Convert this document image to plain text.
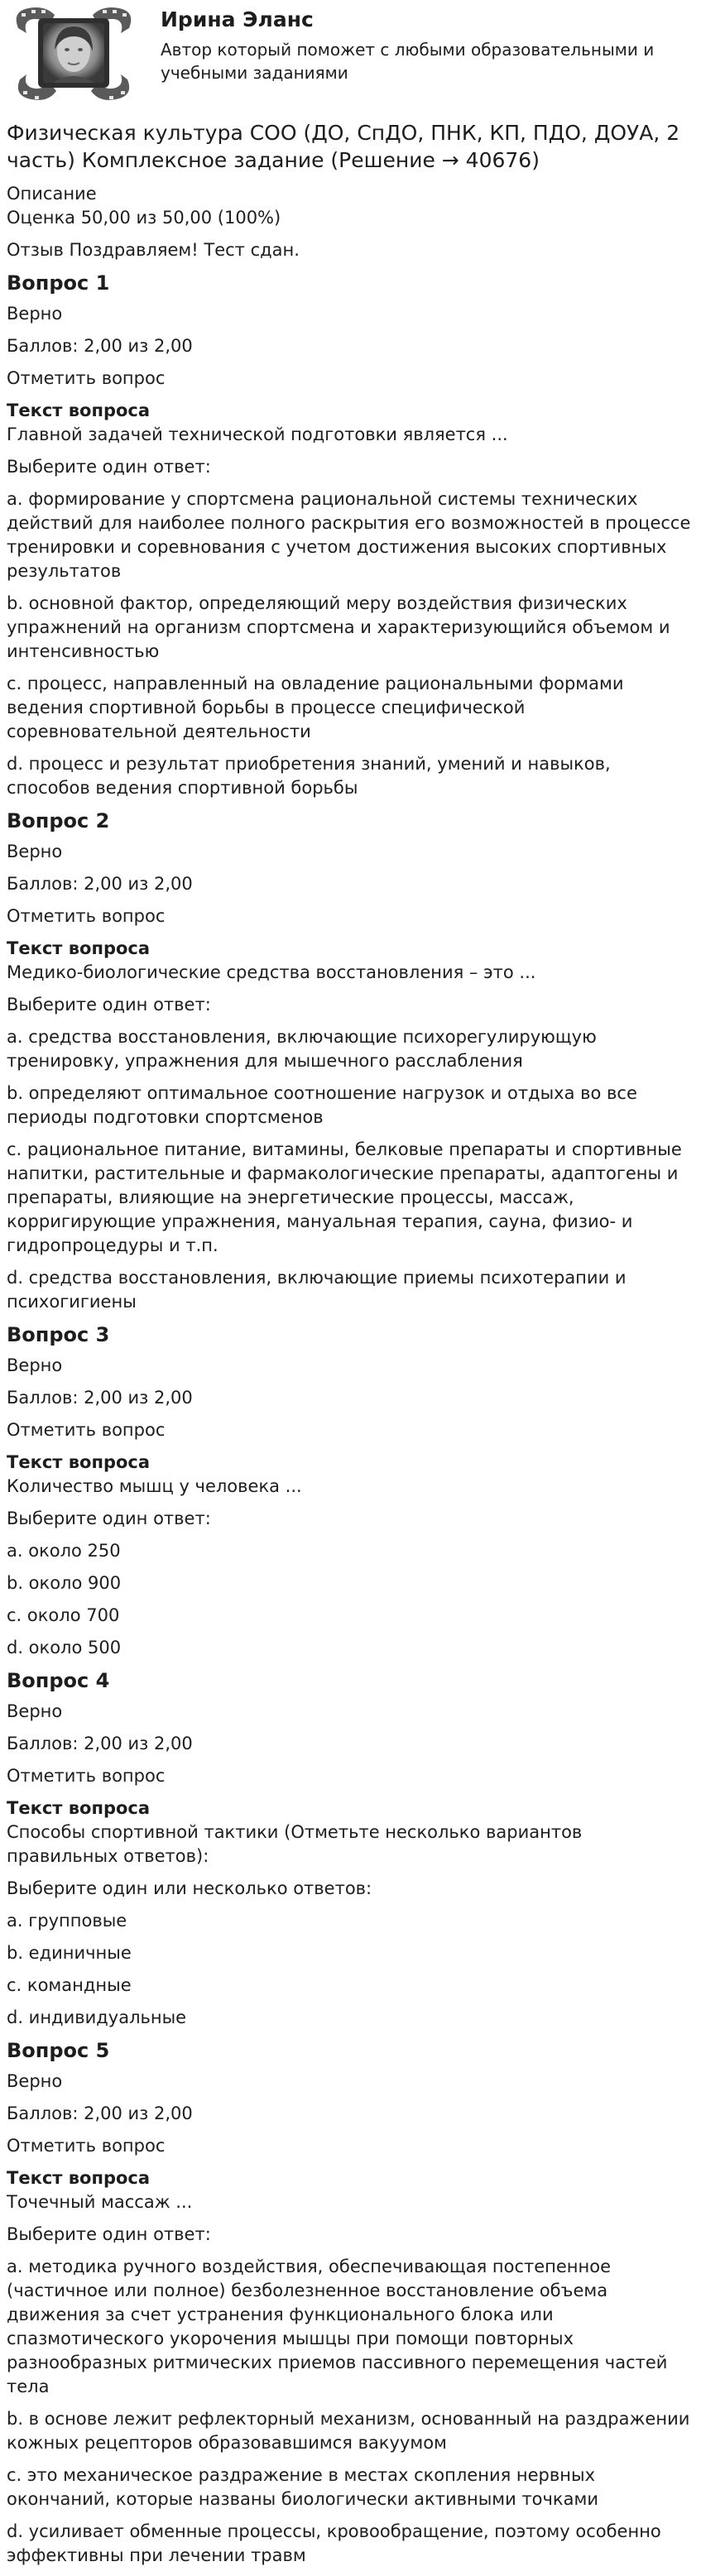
Ирина Эланс
Автор который поможет с любыми образовательными и учебными заданиями
Физическая культура СОО (ДО, СпДО, ПНК, КП, ПДО, ДОУА, 2 часть) Комплексное задание (Решение → 40676)

Описание

Оценка 50,00 из 50,00 (100%)

Отзыв Поздравляем! Тест сдан.

Вопрос 1

Верно

Баллов: 2,00 из 2,00

Отметить вопрос

Текст вопроса

Главной задачей технической подготовки является ...

Выберите один ответ:

a. формирование у спортсмена рациональной системы технических действий для наиболее полного раскрытия его возможностей в процессе тренировки и соревнования с учетом достижения высоких спортивных результатов
b. основной фактор, определяющий меру воздействия физических упражнений на организм спортсмена и характеризующийся объемом и интенсивностью
c. процесс, направленный на овладение рациональными формами ведения спортивной борьбы в процессе специфической соревновательной деятельности
d. процесс и результат приобретения знаний, умений и навыков, способов ведения спортивной борьбы
Вопрос 2

Верно

Баллов: 2,00 из 2,00

Отметить вопрос

Текст вопроса

Медико-биологические средства восстановления – это ...

Выберите один ответ:

a. средства восстановления, включающие психорегулирующую тренировку, упражнения для мышечного расслабления
b. определяют оптимальное соотношение нагрузок и отдыха во все периоды подготовки спортсменов
c. рациональное питание, витамины, белковые препараты и спортивные напитки, растительные и фармакологические препараты, адаптогены и препараты, влияющие на энергетические процессы, массаж, корригирующие упражнения, мануальная терапия, сауна, физио- и гидропроцедуры и т.п.
d. средства восстановления, включающие приемы психотерапии и психогигиены
Вопрос 3

Верно

Баллов: 2,00 из 2,00

Отметить вопрос

Текст вопроса

Количество мышц у человека ...

Выберите один ответ:

a. около 250
b. около 900
c. около 700
d. около 500
Вопрос 4

Верно

Баллов: 2,00 из 2,00

Отметить вопрос

Текст вопроса

Способы спортивной тактики (Отметьте несколько вариантов правильных ответов):

Выберите один или несколько ответов:

a. групповые
b. единичные
c. командные
d. индивидуальные
Вопрос 5

Верно

Баллов: 2,00 из 2,00

Отметить вопрос

Текст вопроса

Точечный массаж ...

Выберите один ответ:

a. методика ручного воздействия, обеспечивающая постепенное (частичное или полное) безболезненное восстановление объема движения за счет устранения функционального блока или спазмотического укорочения мышцы при помощи повторных разнообразных ритмических приемов пассивного перемещения частей тела
b. в основе лежит рефлекторный механизм, основанный на раздражении кожных рецепторов образовавшимся вакуумом
c. это механическое раздражение в местах скопления нервных окончаний, которые названы биологически активными точками
d. усиливает обменные процессы, кровообращение, поэтому особенно эффективны при лечении травм
